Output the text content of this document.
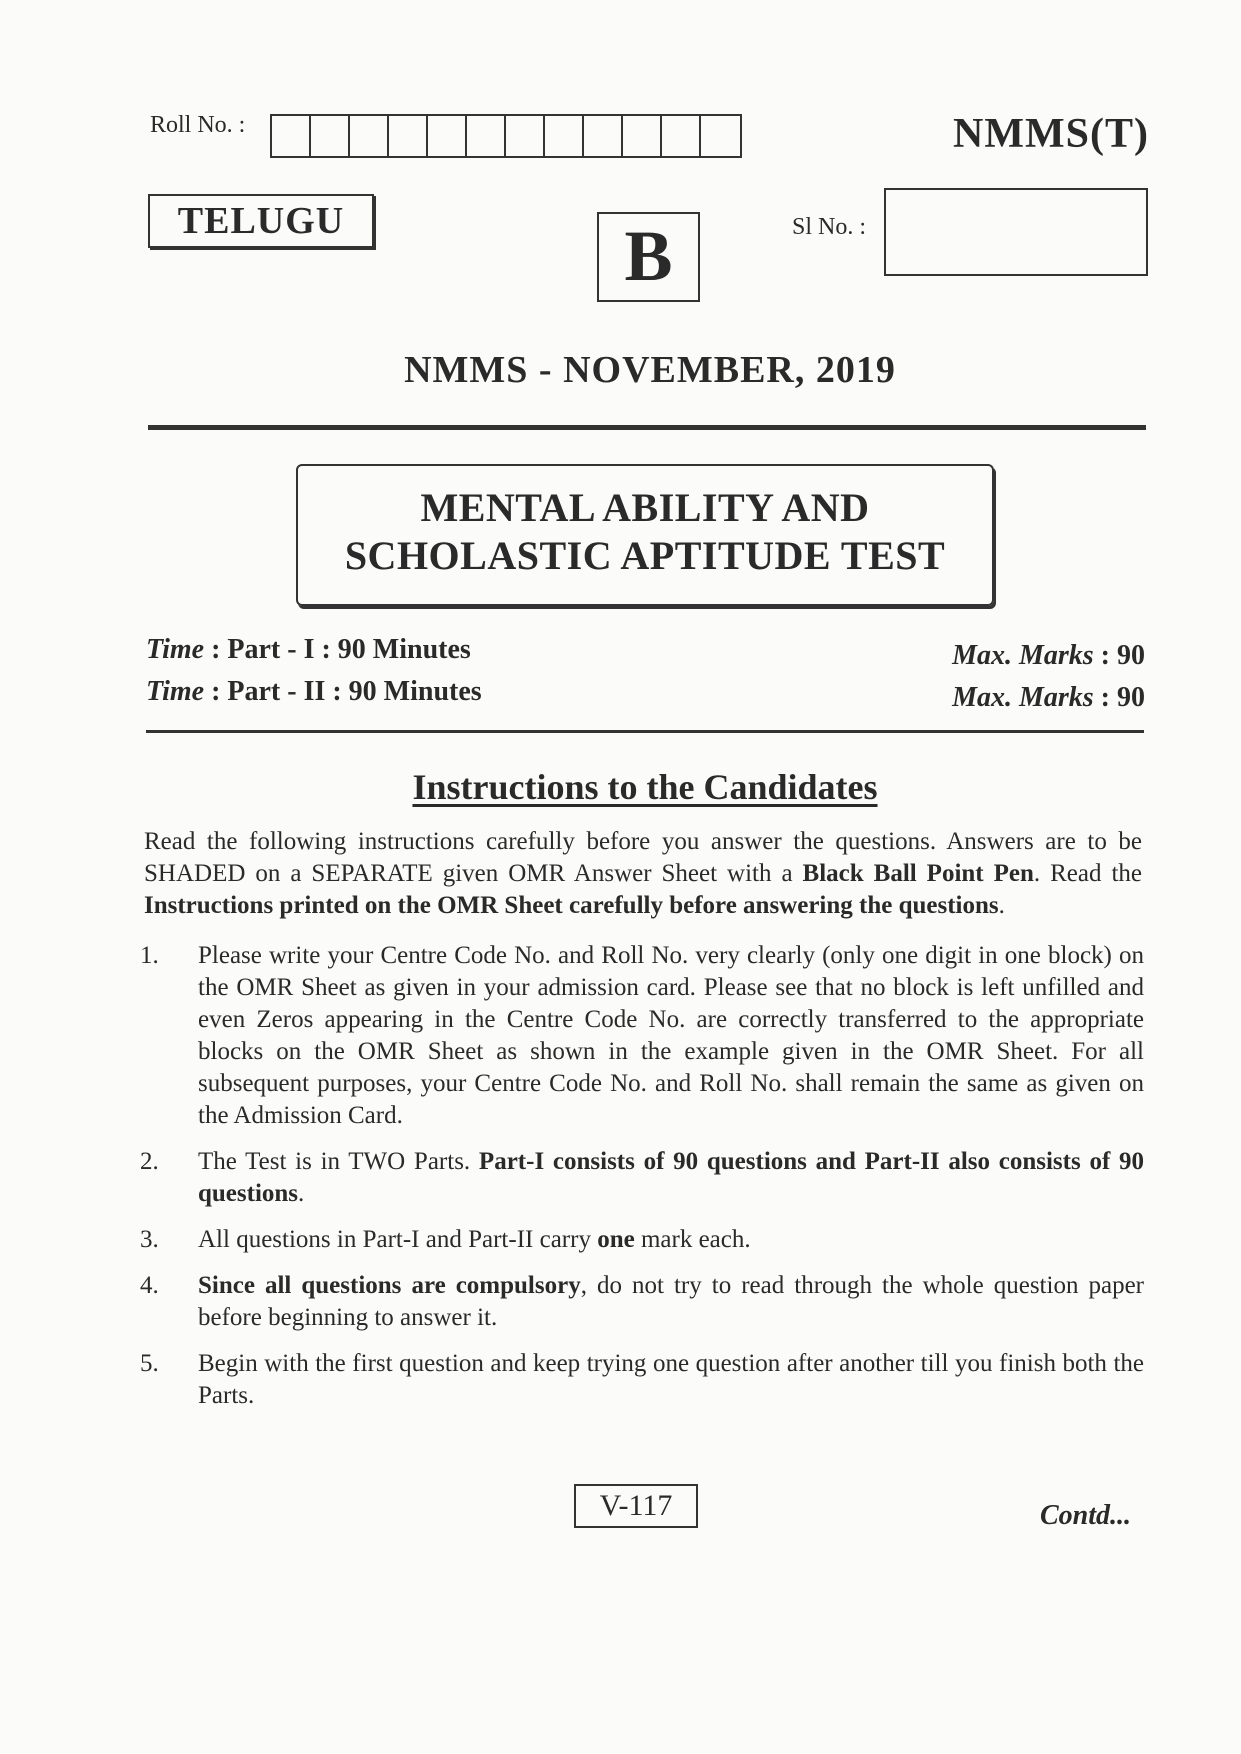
Roll No. :	NMMS(T)
TELUGU	B	Sl No. :
NMMS - NOVEMBER, 2019
MENTAL ABILITY AND
SCHOLASTIC APTITUDE TEST
Time : Part - I : 90 Minutes
Time : Part - II : 90 Minutes
Max. Marks : 90
Max. Marks : 90
Instructions to the Candidates
Read the following instructions carefully before you answer the questions. Answers are to be SHADED on a SEPARATE given OMR Answer Sheet with a Black Ball Point Pen. Read the Instructions printed on the OMR Sheet carefully before answering the questions.
1.	Please write your Centre Code No. and Roll No. very clearly (only one digit in one block) on the OMR Sheet as given in your admission card. Please see that no block is left unfilled and even Zeros appearing in the Centre Code No. are correctly transferred to the appropriate blocks on the OMR Sheet as shown in the example given in the OMR Sheet. For all subsequent purposes, your Centre Code No. and Roll No. shall remain the same as given on the Admission Card.
2.	The Test is in TWO Parts. Part-I consists of 90 questions and Part-II also consists of 90 questions.
3.	All questions in Part-I and Part-II carry one mark each.
4.	Since all questions are compulsory, do not try to read through the whole question paper before beginning to answer it.
5.	Begin with the first question and keep trying one question after another till you finish both the Parts.
V-117	Contd...
